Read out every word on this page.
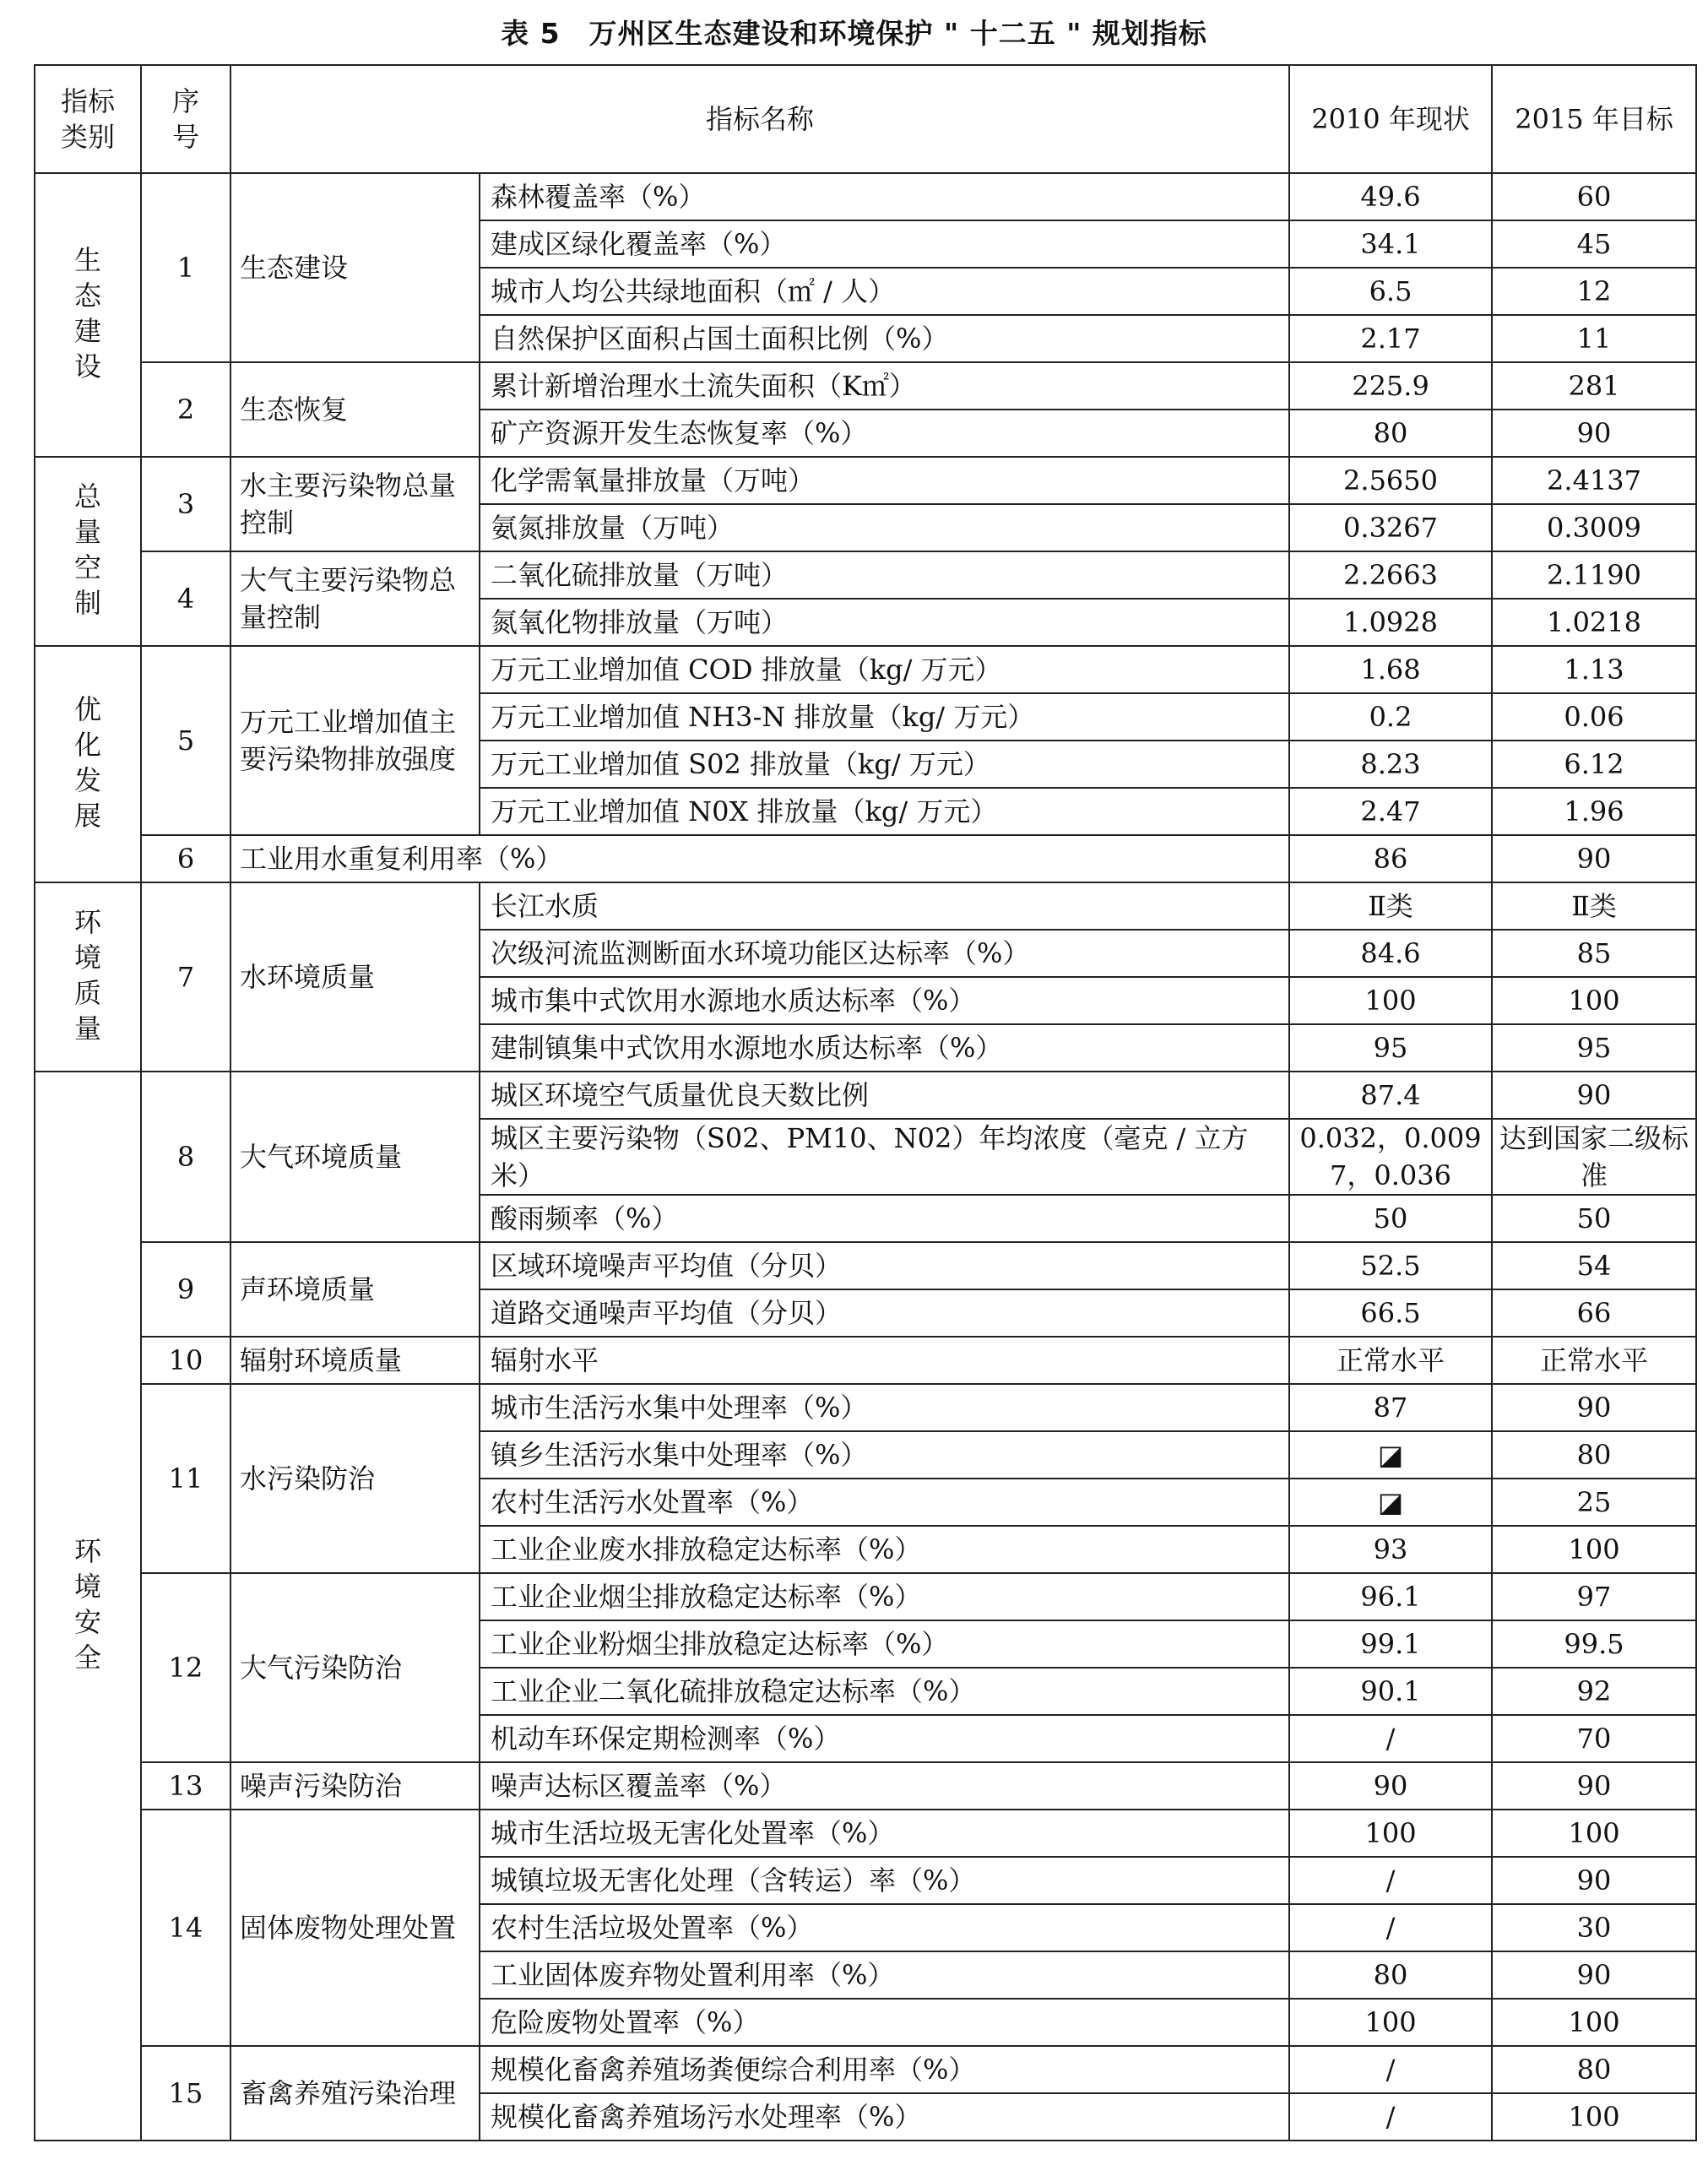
表 5　万州区生态建设和环境保护 " 十二五 " 规划指标
指标类别	序号	指标名称		2010 年现状	2015 年目标
生态建设	1	生态建设	森林覆盖率（%）	49.6	60
			建成区绿化覆盖率（%）	34.1	45
			城市人均公共绿地面积（㎡ / 人）	6.5	12
			自然保护区面积占国土面积比例（%）	2.17	11
	2	生态恢复	累计新增治理水土流失面积（K㎡）	225.9	281
			矿产资源开发生态恢复率（%）	80	90
总量空制	3	水主要污染物总量控制	化学需氧量排放量（万吨）	2.5650	2.4137
			氨氮排放量（万吨）	0.3267	0.3009
	4	大气主要污染物总量控制	二氧化硫排放量（万吨）	2.2663	2.1190
			氮氧化物排放量（万吨）	1.0928	1.0218
优化发展	5	万元工业增加值主要污染物排放强度	万元工业增加值 COD 排放量（kg/ 万元）	1.68	1.13
			万元工业增加值 NH3-N 排放量（kg/ 万元）	0.2	0.06
			万元工业增加值 S02 排放量（kg/ 万元）	8.23	6.12
			万元工业增加值 N0X 排放量（kg/ 万元）	2.47	1.96
	6	工业用水重复利用率（%）		86	90
环境质量	7	水环境质量	长江水质	Ⅱ类	Ⅱ类
			次级河流监测断面水环境功能区达标率（%）	84.6	85
			城市集中式饮用水源地水质达标率（%）	100	100
			建制镇集中式饮用水源地水质达标率（%）	95	95
环境安全	8	大气环境质量	城区环境空气质量优良天数比例	87.4	90
			城区主要污染物（S02、PM10、N02）年均浓度（毫克 / 立方米）	0.032，0.009 7，0.036	达到国家二级标准
			酸雨频率（%）	50	50
	9	声环境质量	区域环境噪声平均值（分贝）	52.5	54
			道路交通噪声平均值（分贝）	66.5	66
	10	辐射环境质量	辐射水平	正常水平	正常水平
	11	水污染防治	城市生活污水集中处理率（%）	87	90
			镇乡生活污水集中处理率（%）	◪	80
			农村生活污水处置率（%）	◪	25
			工业企业废水排放稳定达标率（%）	93	100
	12	大气污染防治	工业企业烟尘排放稳定达标率（%）	96.1	97
			工业企业粉烟尘排放稳定达标率（%）	99.1	99.5
			工业企业二氧化硫排放稳定达标率（%）	90.1	92
			机动车环保定期检测率（%）	/	70
	13	噪声污染防治	噪声达标区覆盖率（%）	90	90
	14	固体废物处理处置	城市生活垃圾无害化处置率（%）	100	100
			城镇垃圾无害化处理（含转运）率（%）	/	90
			农村生活垃圾处置率（%）	/	30
			工业固体废弃物处置利用率（%）	80	90
			危险废物处置率（%）	100	100
	15	畜禽养殖污染治理	规模化畜禽养殖场粪便综合利用率（%）	/	80
			规模化畜禽养殖场污水处理率（%）	/	100
